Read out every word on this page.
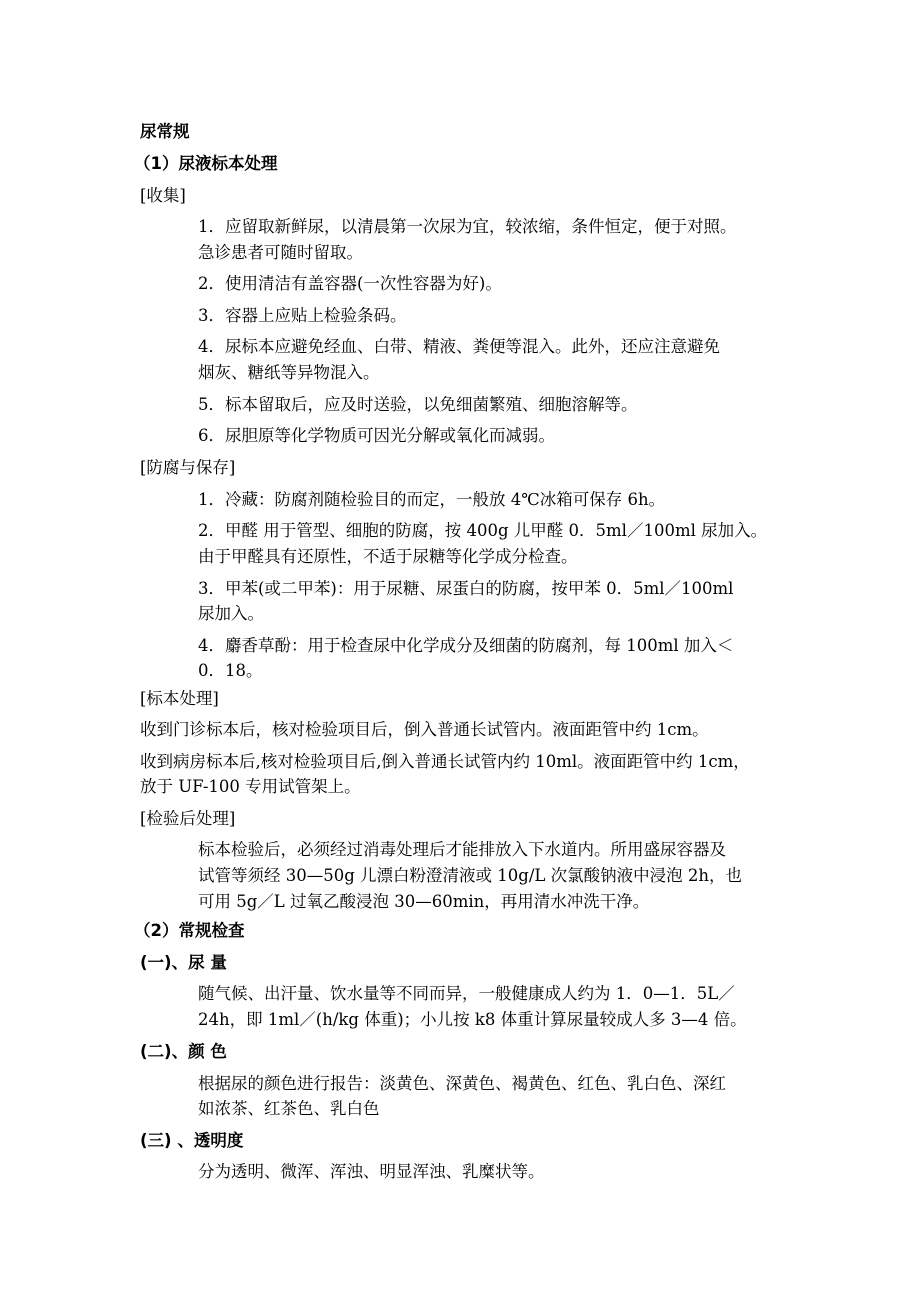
尿常规
（1）尿液标本处理
[收集]
1．应留取新鲜尿，以清晨第一次尿为宜，较浓缩，条件恒定，便于对照。
急诊患者可随时留取。
2．使用清洁有盖容器(一次性容器为好)。
3．容器上应贴上检验条码。
4．尿标本应避免经血、白带、精液、粪便等混入。此外，还应注意避免
烟灰、糖纸等异物混入。
5．标本留取后，应及时送验，以免细菌繁殖、细胞溶解等。
6．尿胆原等化学物质可因光分解或氧化而减弱。
[防腐与保存]
1．冷藏：防腐剂随检验目的而定，一般放 4℃冰箱可保存 6h。
2．甲醛 用于管型、细胞的防腐，按 400g 儿甲醛 0．5ml／100ml 尿加入。
由于甲醛具有还原性，不适于尿糖等化学成分检查。
3．甲苯(或二甲苯)：用于尿糖、尿蛋白的防腐，按甲苯 0．5ml／100ml
尿加入。
4．麝香草酚：用于检查尿中化学成分及细菌的防腐剂，每 100ml 加入＜
0．18。
[标本处理]
收到门诊标本后，核对检验项目后，倒入普通长试管内。液面距管中约 1cm。
收到病房标本后,核对检验项目后,倒入普通长试管内约 10ml。液面距管中约 1cm，
放于 UF-100 专用试管架上。
[检验后处理]
标本检验后，必须经过消毒处理后才能排放入下水道内。所用盛尿容器及
试管等须经 30—50g 儿漂白粉澄清液或 10g/L 次氯酸钠液中浸泡 2h，也
可用 5g／L 过氧乙酸浸泡 30—60min，再用清水冲洗干净。
（2）常规检查
(一)、尿 量
随气候、出汗量、饮水量等不同而异，一般健康成人约为 1．0—1．5L／
24h，即 1ml／(h/kg 体重)；小儿按 k8 体重计算尿量较成人多 3—4 倍。
(二)、颜 色
根据尿的颜色进行报告：淡黄色、深黄色、褐黄色、红色、乳白色、深红
如浓茶、红茶色、乳白色
(三) 、透明度
分为透明、微浑、浑浊、明显浑浊、乳糜状等。
